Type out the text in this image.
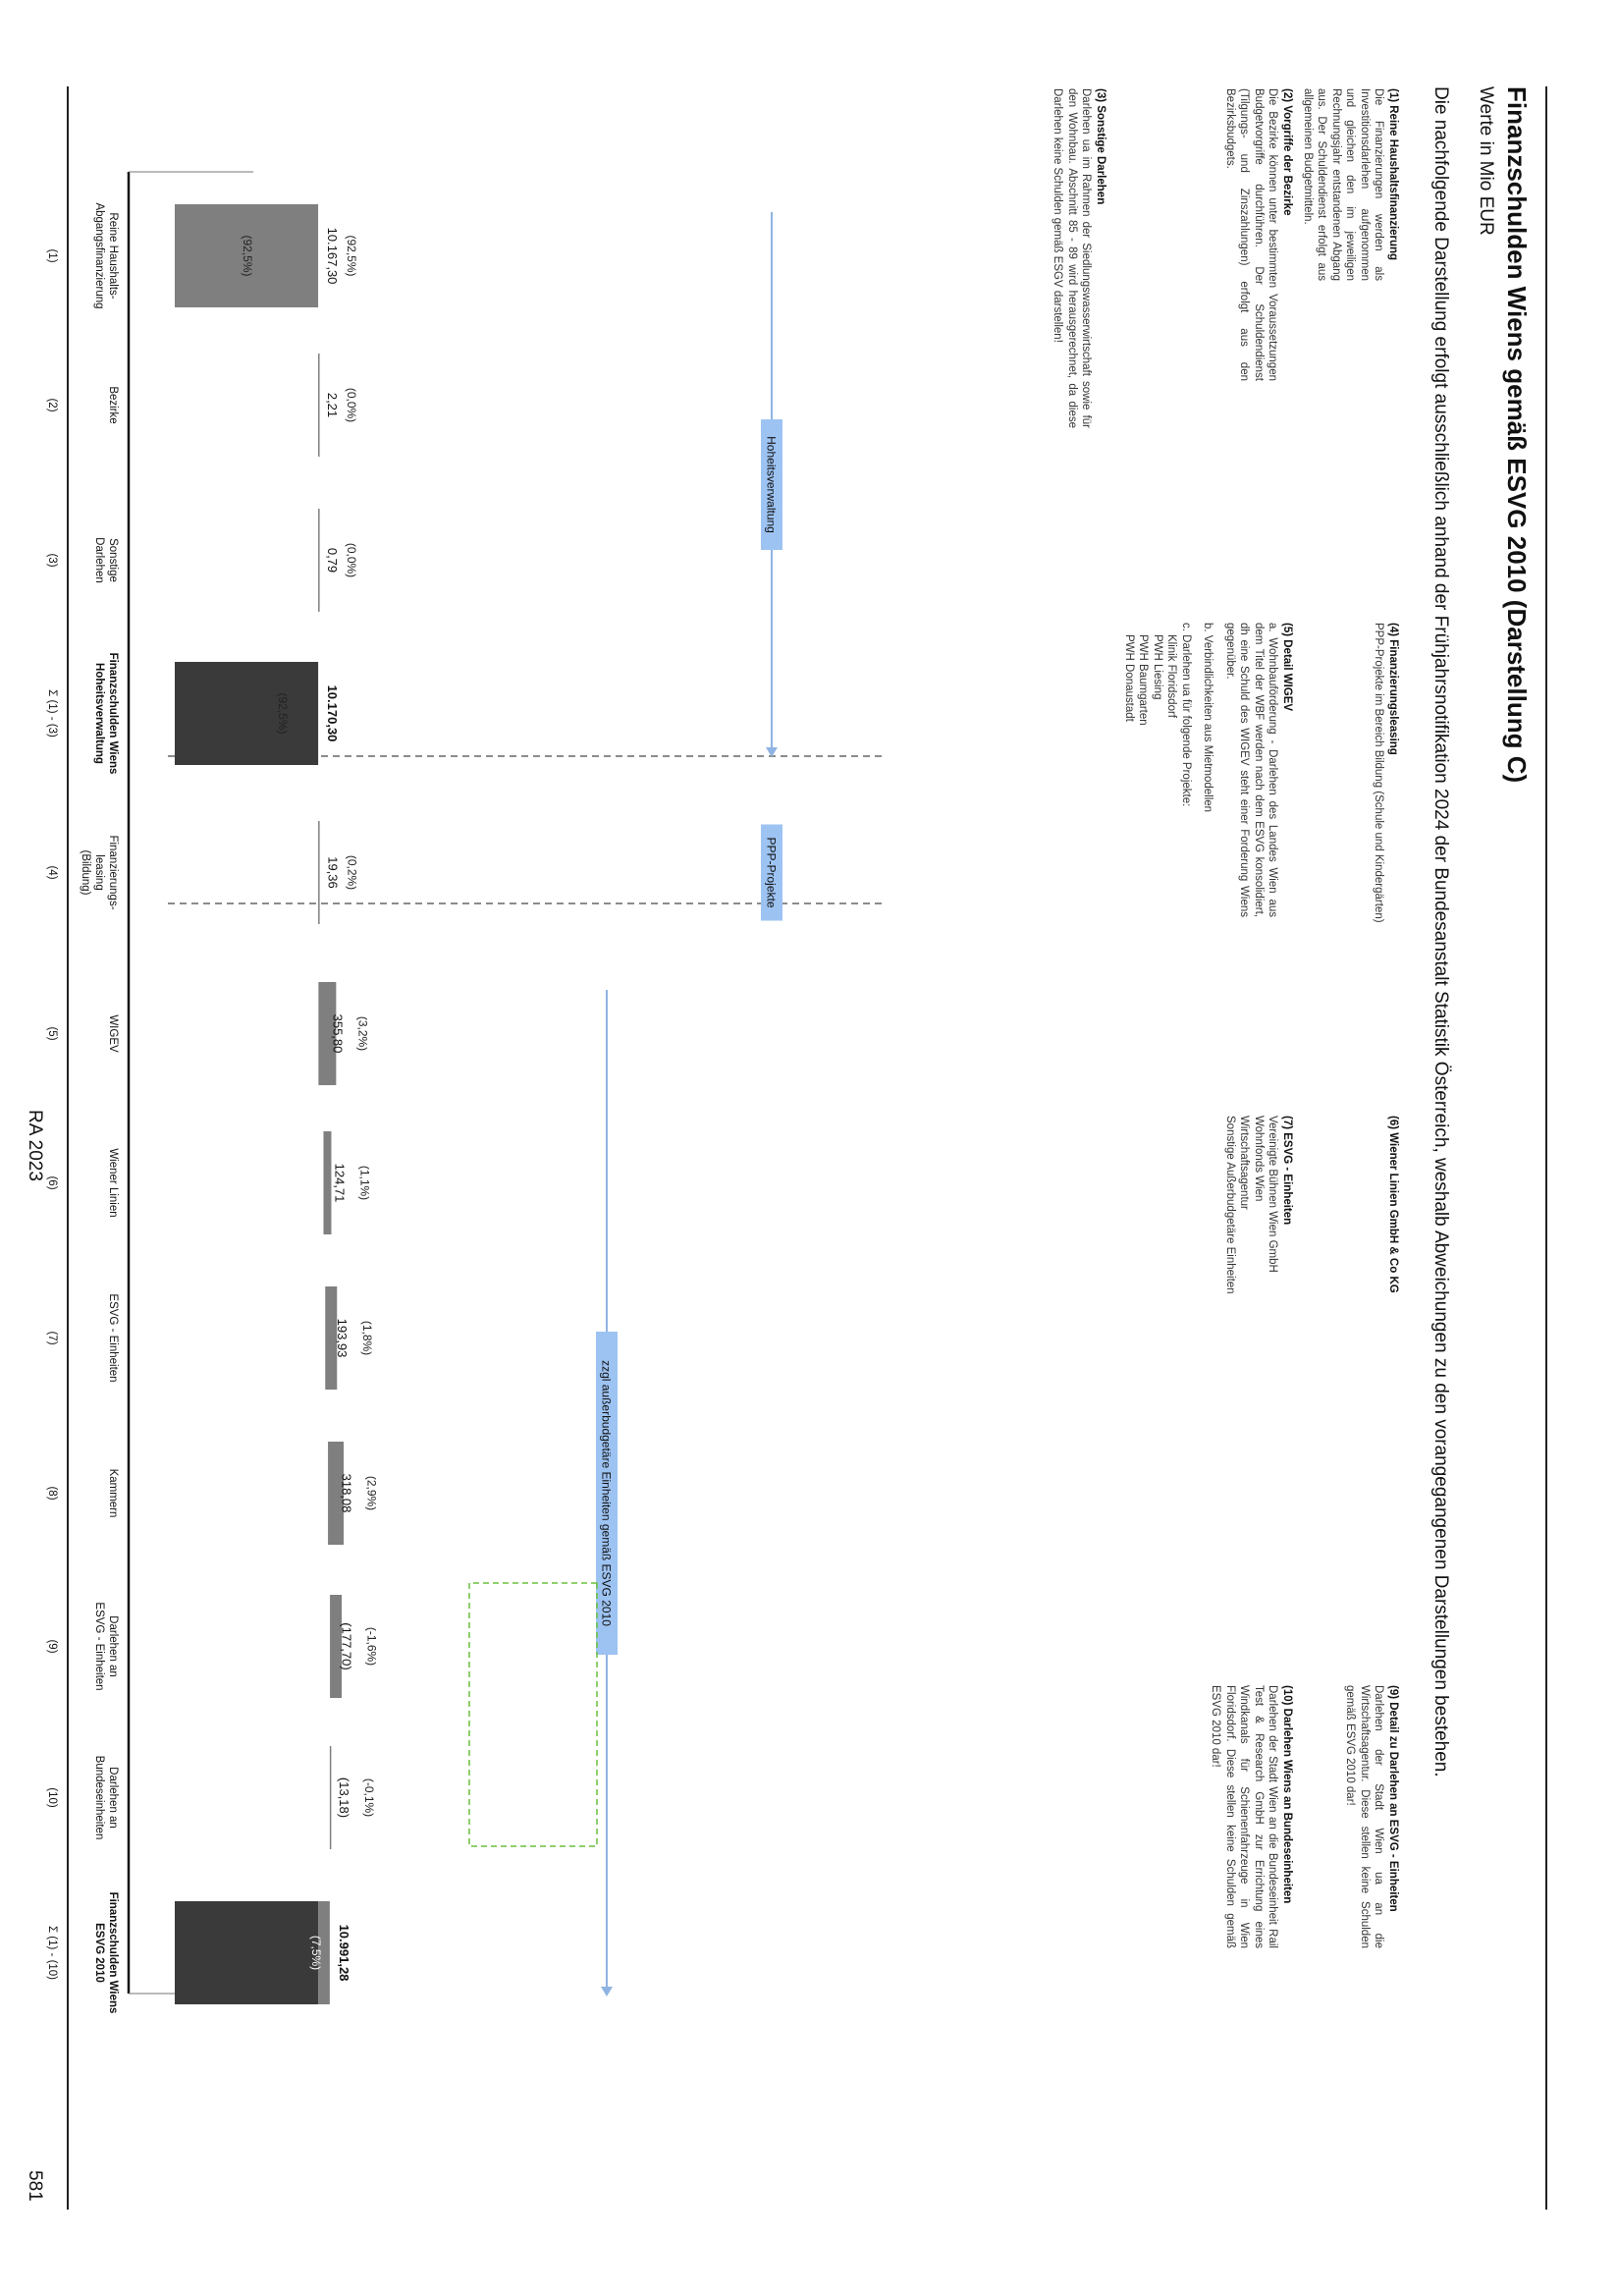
Finanzschulden Wiens gemäß ESVG 2010 (Darstellung C)
Werte in Mio EUR
Die nachfolgende Darstellung erfolgt ausschließlich anhand der Frühjahrsnotifikation 2024 der Bundesanstalt Statistik Österreich, weshalb Abweichungen zu den vorangegangenen Darstellungen bestehen.
(1) Reine Haushaltsfinanzierung
Die Finanzierungen werden als Investitionsdarlehen aufgenommen und gleichen den im jeweiligen Rechnungsjahr entstandenen Abgang aus. Der Schuldendienst erfolgt aus allgemeinen Budgetmitteln.
(4) Finanzierungsleasing
PPP-Projekte im Bereich Bildung (Schule und Kindergärten)
(6) Wiener Linien GmbH & Co KG
(9) Detail zu Darlehen an ESVG - Einheiten
Darlehen der Stadt Wien ua an die Wirtschaftsagentur. Diese stellen keine Schulden gemäß ESVG 2010 dar!
(2) Vorgriffe der Bezirke
Die Bezirke können unter bestimmten Voraussetzungen Budgetvorgriffe durchführen. Der Schuldendienst (Tilgungs- und Zinszahlungen) erfolgt aus den Bezirksbudgets.
(5) Detail WIGEV
a. Wohnbauförderung - Darlehen des Landes Wien aus dem Titel der WBF werden nach dem ESVG konsolidiert, dh eine Schuld des WIGEV steht einer Forderung Wiens gegenüber.
b. Verbindlichkeiten aus Mietmodellen
c. Darlehen ua für folgende Projekte:
Klinik Floridsdorf
PWH Liesing
PWH Baumgarten
PWH Donaustadt
(7) ESVG - Einheiten
Vereinigte Bühnen Wien GmbH
Wohnfonds Wien
Wirtschaftsagentur
Sonstige Außerbudgetäre Einheiten
(10) Darlehen Wiens an Bundeseinheiten
Darlehen der Stadt Wien an die Bundeseinheit Rail Test & Research GmbH zur Errichtung eines Windkanals für Schienenfahrzeuge in Wien Floridsdorf. Diese stellen keine Schulden gemäß ESVG 2010 dar!
(3) Sonstige Darlehen
Darlehen ua im Rahmen der Siedlungswasserwirtschaft sowie für den Wohnbau. Abschnitt 85 - 89 wird herausgerechnet, da diese Darlehen keine Schulden gemäß ESGV darstellen!
10.167,30 (92,5%)
2,21 (0,0%)
0,79 (0,0%)
10.170,30
(92,5%)
19,36 (0,2%)
355,80 (3,2%)
124,71 (1,1%)
193,93 (1,8%)
318,08 (2,9%)
(177,70) (-1,6%)
(13,18) (-0,1%)
10.991,28
(7,5%)
(92,5%)
Reine Haushalts-
Abgangsfinanzierung
(1)
Bezirke
(2)
Sonstige
Darlehen
(3)
Finanzschulden Wiens
Hoheitsverwaltung
Σ (1) - (3)
Finanzierungs-
leasing
(Bildung)
(4)
WIGEV
(5)
Wiener Linien
(6)
ESVG - Einheiten
(7)
Kammern
(8)
Darlehen an
ESVG - Einheiten
(9)
Darlehen an
Bundeseinheiten
(10)
Finanzschulden Wiens
ESVG 2010
Σ (1) - (10)
Hoheitsverwaltung
PPP-Projekte
zzgl außerbudgetäre Einheiten gemäß ESVG 2010
RA 2023
581
